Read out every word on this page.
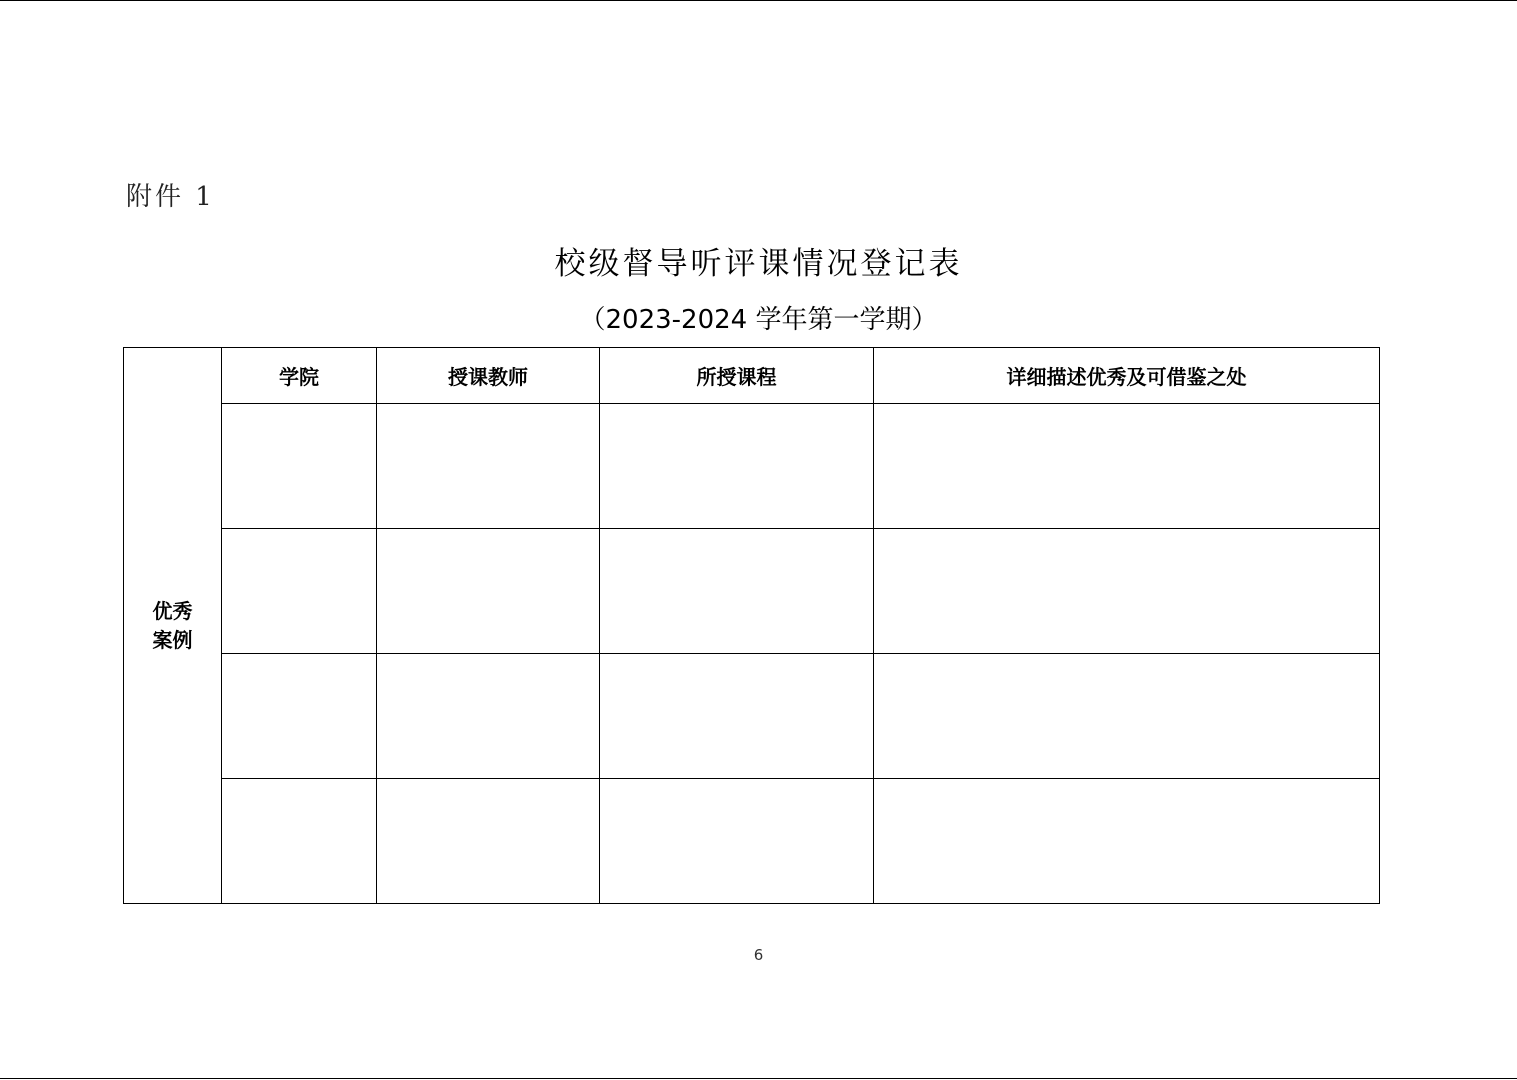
附件 1
校级督导听评课情况登记表
（2023-2024 学年第一学期）
优秀
案例	学院	授课教师	所授课程	详细描述优秀及可借鉴之处

6
